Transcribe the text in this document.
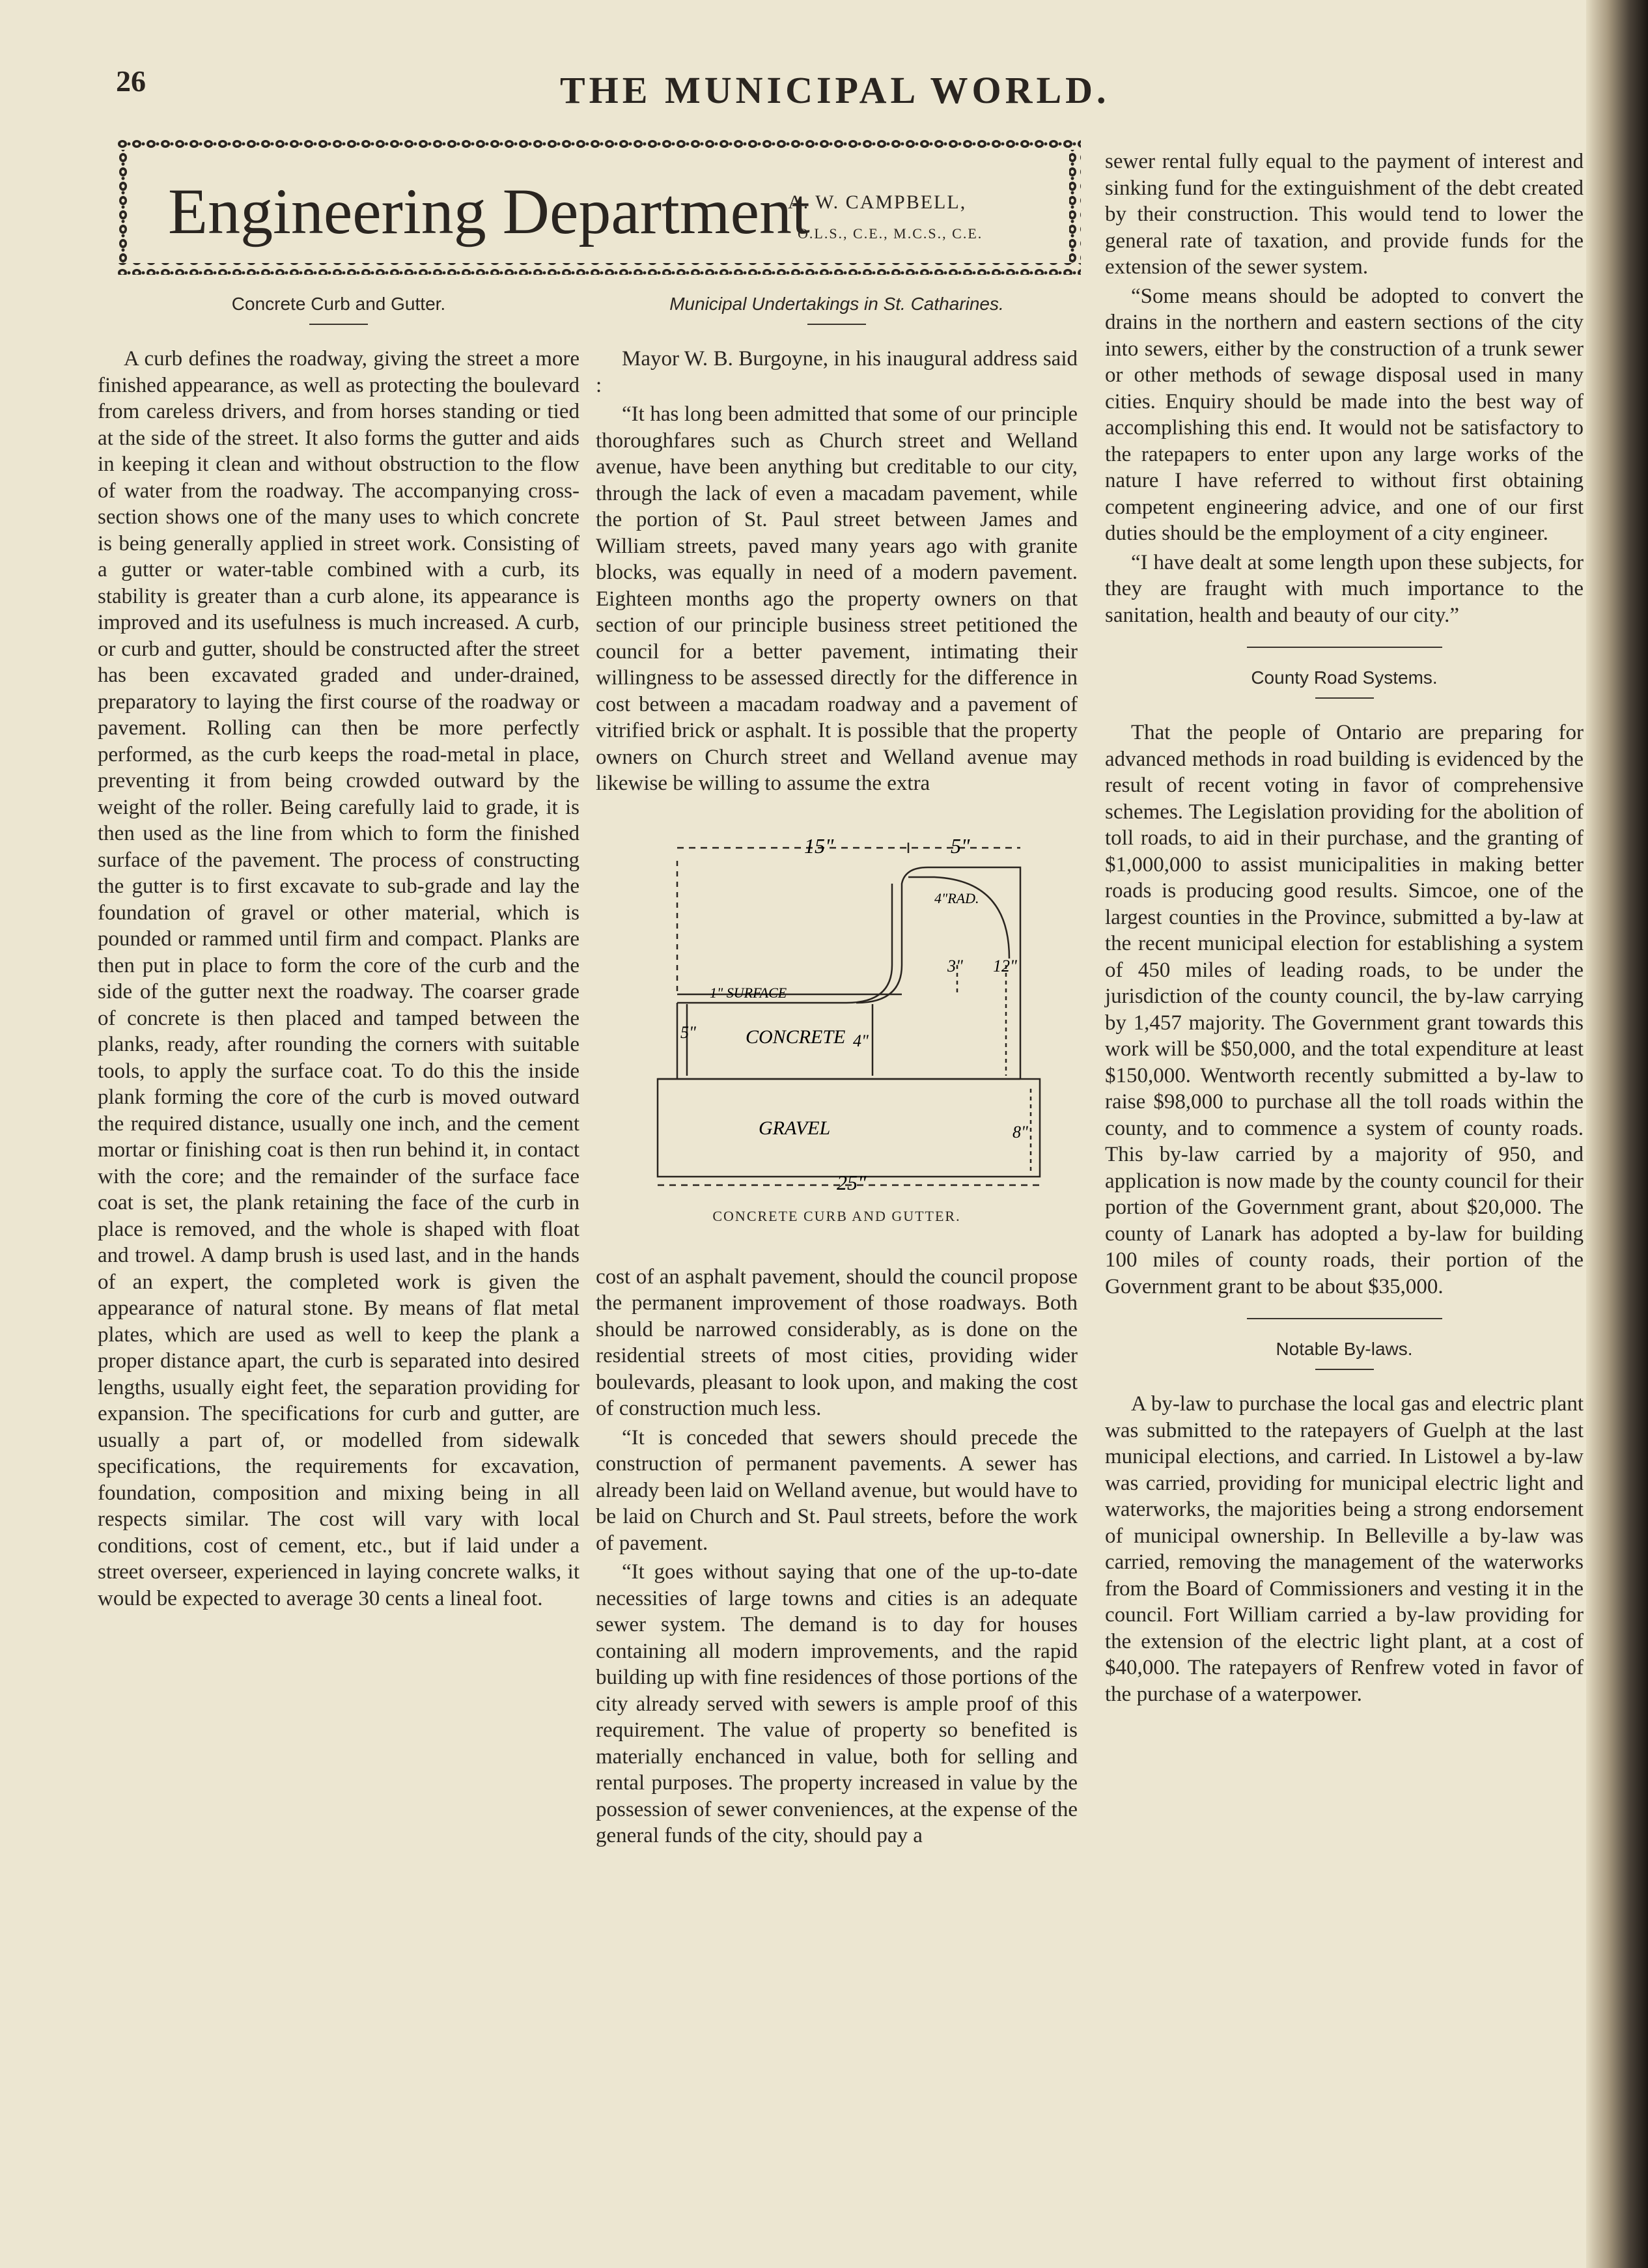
26	THE MUNICIPAL WORLD.
Engineering Department
A. W. CAMPBELL,
O.L.S., C.E., M.C.S., C.E.
Concrete Curb and Gutter.

A curb defines the roadway, giving the street a more finished appearance, as well as protecting the boulevard from careless drivers, and from horses standing or tied at the side of the street. It also forms the gutter and aids in keeping it clean and without obstruction to the flow of water from the roadway. The accompanying cross-section shows one of the many uses to which concrete is being generally applied in street work. Consisting of a gutter or water-table combined with a curb, its stability is greater than a curb alone, its appearance is improved and its usefulness is much increased. A curb, or curb and gutter, should be constructed after the street has been excavated graded and under-drained, preparatory to laying the first course of the roadway or pavement. Rolling can then be more perfectly performed, as the curb keeps the road-metal in place, preventing it from being crowded outward by the weight of the roller. Being carefully laid to grade, it is then used as the line from which to form the finished surface of the pavement. The process of constructing the gutter is to first excavate to sub-grade and lay the foundation of gravel or other material, which is pounded or rammed until firm and compact. Planks are then put in place to form the core of the curb and the side of the gutter next the roadway. The coarser grade of concrete is then placed and tamped between the planks, ready, after rounding the corners with suitable tools, to apply the surface coat. To do this the inside plank forming the core of the curb is moved outward the required distance, usually one inch, and the cement mortar or finishing coat is then run behind it, in contact with the core; and the remainder of the surface face coat is set, the plank retaining the face of the curb in place is removed, and the whole is shaped with float and trowel. A damp brush is used last, and in the hands of an expert, the completed work is given the appearance of natural stone. By means of flat metal plates, which are used as well to keep the plank a proper distance apart, the curb is separated into desired lengths, usually eight feet, the separation providing for expansion. The specifications for curb and gutter, are usually a part of, or modelled from sidewalk specifications, the requirements for excavation, foundation, composition and mixing being in all respects similar. The cost will vary with local conditions, cost of cement, etc., but if laid under a street overseer, experienced in laying concrete walks, it would be expected to average 30 cents a lineal foot.

Municipal Undertakings in St. Catharines.

Mayor W. B. Burgoyne, in his inaugural address said :

“It has long been admitted that some of our principle thoroughfares such as Church street and Welland avenue, have been anything but creditable to our city, through the lack of even a macadam pavement, while the portion of St. Paul street between James and William streets, paved many years ago with granite blocks, was equally in need of a modern pavement. Eighteen months ago the property owners on that section of our principle business street petitioned the council for a better pavement, intimating their willingness to be assessed directly for the difference in cost between a macadam roadway and a pavement of vitrified brick or asphalt. It is possible that the property owners on Church street and Welland avenue may likewise be willing to assume the extra

15"	5"
4"RAD.
3" 12"
1" SURFACE
5"	CONCRETE 4"
GRAVEL	8"
25"
CONCRETE CURB AND GUTTER.

cost of an asphalt pavement, should the council propose the permanent improvement of those roadways. Both should be narrowed considerably, as is done on the residential streets of most cities, providing wider boulevards, pleasant to look upon, and making the cost of construction much less.

“It is conceded that sewers should precede the construction of permanent pavements. A sewer has already been laid on Welland avenue, but would have to be laid on Church and St. Paul streets, before the work of pavement.

“It goes without saying that one of the up-to-date necessities of large towns and cities is an adequate sewer system. The demand is to day for houses containing all modern improvements, and the rapid building up with fine residences of those portions of the city already served with sewers is ample proof of this requirement. The value of property so benefited is materially enchanced in value, both for selling and rental purposes. The property increased in value by the possession of sewer conveniences, at the expense of the general funds of the city, should pay a

sewer rental fully equal to the payment of interest and sinking fund for the extinguishment of the debt created by their construction. This would tend to lower the general rate of taxation, and provide funds for the extension of the sewer system.

“Some means should be adopted to convert the drains in the northern and eastern sections of the city into sewers, either by the construction of a trunk sewer or other methods of sewage disposal used in many cities. Enquiry should be made into the best way of accomplishing this end. It would not be satisfactory to the ratepapers to enter upon any large works of the nature I have referred to without first obtaining competent engineering advice, and one of our first duties should be the employment of a city engineer.

“I have dealt at some length upon these subjects, for they are fraught with much importance to the sanitation, health and beauty of our city.”

County Road Systems.

That the people of Ontario are preparing for advanced methods in road building is evidenced by the result of recent voting in favor of comprehensive schemes. The Legislation providing for the abolition of toll roads, to aid in their purchase, and the granting of $1,000,000 to assist municipalities in making better roads is producing good results. Simcoe, one of the largest counties in the Province, submitted a by-law at the recent municipal election for establishing a system of 450 miles of leading roads, to be under the jurisdiction of the county council, the by-law carrying by 1,457 majority. The Government grant towards this work will be $50,000, and the total expenditure at least $150,000. Wentworth recently submitted a by-law to raise $98,000 to purchase all the toll roads within the county, and to commence a system of county roads. This by-law carried by a majority of 950, and application is now made by the county council for their portion of the Government grant, about $20,000. The county of Lanark has adopted a by-law for building 100 miles of county roads, their portion of the Government grant to be about $35,000.

Notable By-laws.

A by-law to purchase the local gas and electric plant was submitted to the ratepayers of Guelph at the last municipal elections, and carried. In Listowel a by-law was carried, providing for municipal electric light and waterworks, the majorities being a strong endorsement of municipal ownership. In Belleville a by-law was carried, removing the management of the waterworks from the Board of Commissioners and vesting it in the council. Fort William carried a by-law providing for the extension of the electric light plant, at a cost of $40,000. The ratepayers of Renfrew voted in favor of the purchase of a waterpower.
